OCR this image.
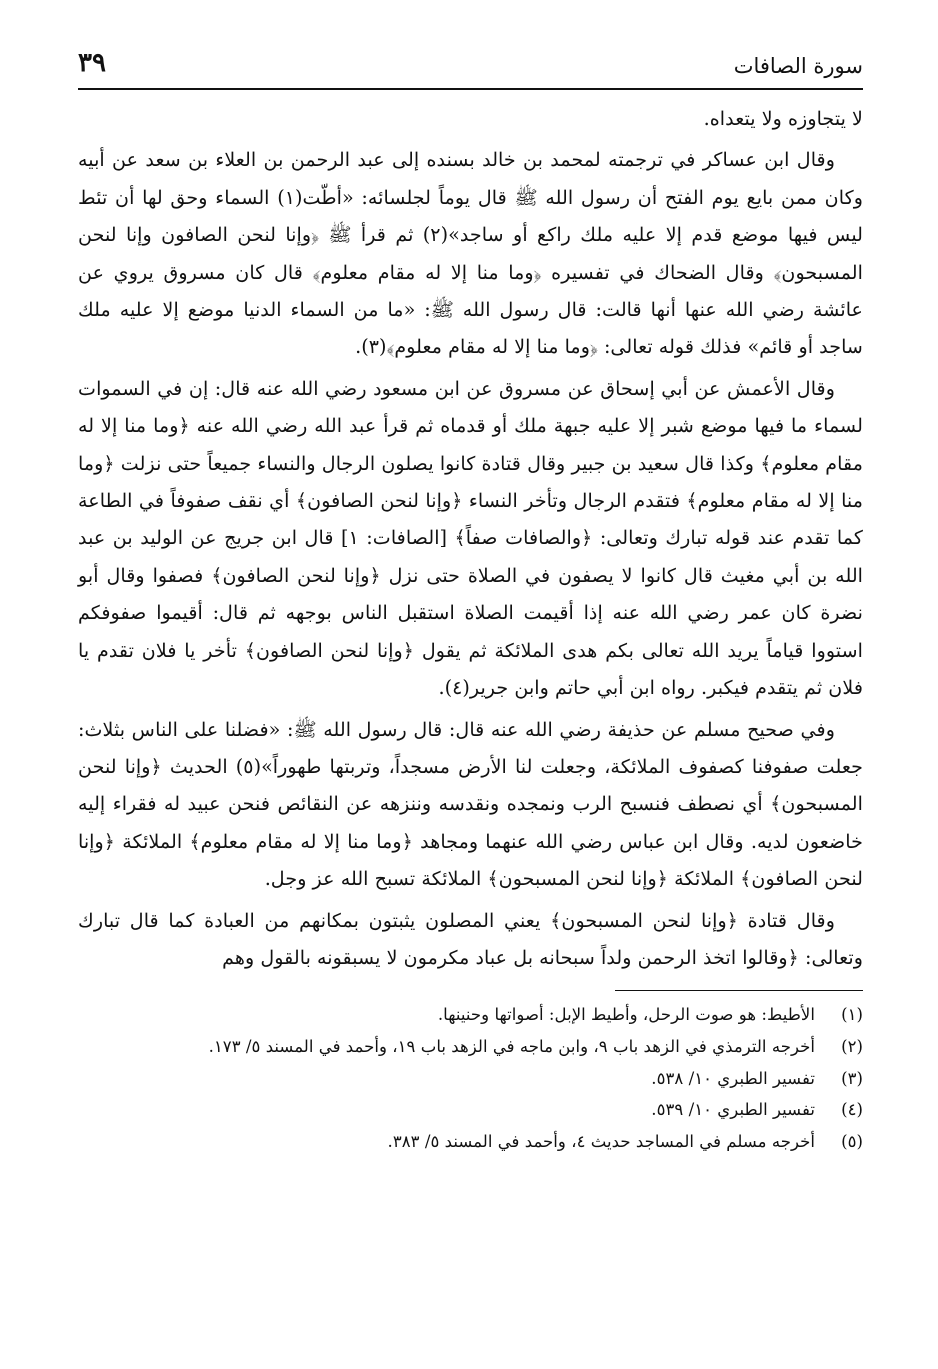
سورة الصافات
٣٩

لا يتجاوزه ولا يتعداه.

وقال ابن عساكر في ترجمته لمحمد بن خالد بسنده إلى عبد الرحمن بن العلاء بن سعد عن أبيه وكان ممن بايع يوم الفتح أن رسول الله ﷺ قال يوماً لجلسائه: «أطّت(١) السماء وحق لها أن تئط ليس فيها موضع قدم إلا عليه ملك راكع أو ساجد»(٢) ثم قرأ ﷺ ﴿وإنا لنحن الصافون وإنا لنحن المسبحون﴾ وقال الضحاك في تفسيره ﴿وما منا إلا له مقام معلوم﴾ قال كان مسروق يروي عن عائشة رضي الله عنها أنها قالت: قال رسول الله ﷺ: «ما من السماء الدنيا موضع إلا عليه ملك ساجد أو قائم» فذلك قوله تعالى: ﴿وما منا إلا له مقام معلوم﴾(٣).

وقال الأعمش عن أبي إسحاق عن مسروق عن ابن مسعود رضي الله عنه قال: إن في السموات لسماء ما فيها موضع شبر إلا عليه جبهة ملك أو قدماه ثم قرأ عبد الله رضي الله عنه ﴿وما منا إلا له مقام معلوم﴾ وكذا قال سعيد بن جبير وقال قتادة كانوا يصلون الرجال والنساء جميعاً حتى نزلت ﴿وما منا إلا له مقام معلوم﴾ فتقدم الرجال وتأخر النساء ﴿وإنا لنحن الصافون﴾ أي نقف صفوفاً في الطاعة كما تقدم عند قوله تبارك وتعالى: ﴿والصافات صفاً﴾ [الصافات: ١] قال ابن جريج عن الوليد بن عبد الله بن أبي مغيث قال كانوا لا يصفون في الصلاة حتى نزل ﴿وإنا لنحن الصافون﴾ فصفوا وقال أبو نضرة كان عمر رضي الله عنه إذا أقيمت الصلاة استقبل الناس بوجهه ثم قال: أقيموا صفوفكم استووا قياماً يريد الله تعالى بكم هدى الملائكة ثم يقول ﴿وإنا لنحن الصافون﴾ تأخر يا فلان تقدم يا فلان ثم يتقدم فيكبر. رواه ابن أبي حاتم وابن جرير(٤).

وفي صحيح مسلم عن حذيفة رضي الله عنه قال: قال رسول الله ﷺ: «فضلنا على الناس بثلاث: جعلت صفوفنا كصفوف الملائكة، وجعلت لنا الأرض مسجداً، وتربتها طهوراً»(٥) الحديث ﴿وإنا لنحن المسبحون﴾ أي نصطف فنسبح الرب ونمجده ونقدسه وننزهه عن النقائص فنحن عبيد له فقراء إليه خاضعون لديه. وقال ابن عباس رضي الله عنهما ومجاهد ﴿وما منا إلا له مقام معلوم﴾ الملائكة ﴿وإنا لنحن الصافون﴾ الملائكة ﴿وإنا لنحن المسبحون﴾ الملائكة تسبح الله عز وجل.

وقال قتادة ﴿وإنا لنحن المسبحون﴾ يعني المصلون يثبتون بمكانهم من العبادة كما قال تبارك وتعالى: ﴿وقالوا اتخذ الرحمن ولداً سبحانه بل عباد مكرمون لا يسبقونه بالقول وهم

(١)
الأطيط: هو صوت الرحل، وأطيط الإبل: أصواتها وحنينها.
(٢)
أخرجه الترمذي في الزهد باب ٩، وابن ماجه في الزهد باب ١٩، وأحمد في المسند ٥/ ١٧٣.
(٣)
تفسير الطبري ١٠/ ٥٣٨.
(٤)
تفسير الطبري ١٠/ ٥٣٩.
(٥)
أخرجه مسلم في المساجد حديث ٤، وأحمد في المسند ٥/ ٣٨٣.
